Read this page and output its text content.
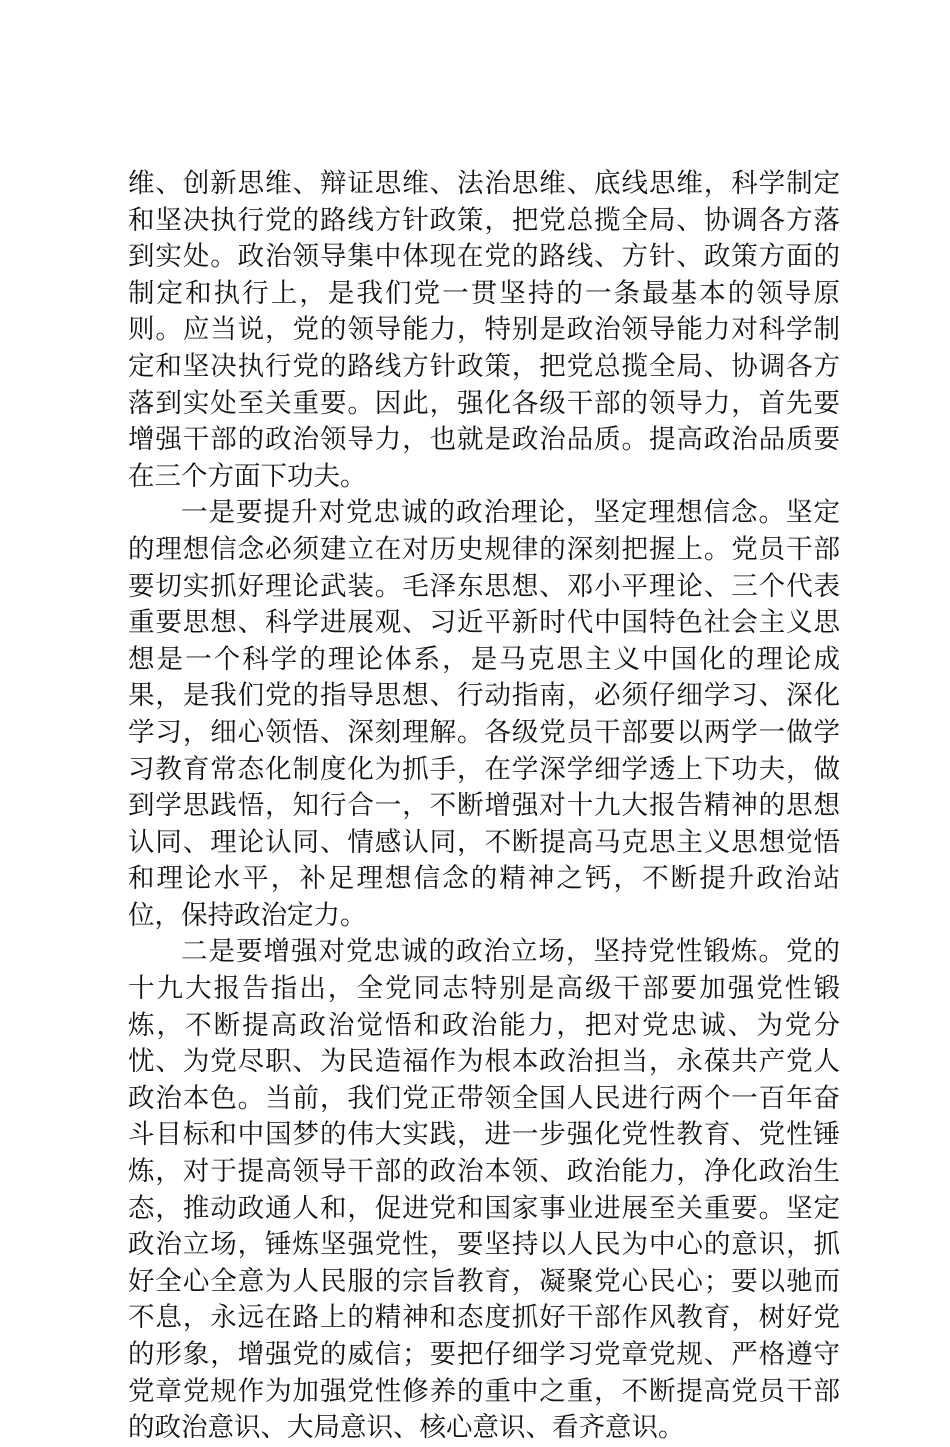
维、创新思维、辩证思维、法治思维、底线思维，科学制定和坚决执行党的路线方针政策，把党总揽全局、协调各方落到实处。政治领导集中体现在党的路线、方针、政策方面的制定和执行上，是我们党一贯坚持的一条最基本的领导原则。应当说，党的领导能力，特别是政治领导能力对科学制定和坚决执行党的路线方针政策，把党总揽全局、协调各方落到实处至关重要。因此，强化各级干部的领导力，首先要增强干部的政治领导力，也就是政治品质。提高政治品质要在三个方面下功夫。

一是要提升对党忠诚的政治理论，坚定理想信念。坚定的理想信念必须建立在对历史规律的深刻把握上。党员干部要切实抓好理论武装。毛泽东思想、邓小平理论、三个代表重要思想、科学进展观、习近平新时代中国特色社会主义思想是一个科学的理论体系，是马克思主义中国化的理论成果，是我们党的指导思想、行动指南，必须仔细学习、深化学习，细心领悟、深刻理解。各级党员干部要以两学一做学习教育常态化制度化为抓手，在学深学细学透上下功夫，做到学思践悟，知行合一，不断增强对十九大报告精神的思想认同、理论认同、情感认同，不断提高马克思主义思想觉悟和理论水平，补足理想信念的精神之钙，不断提升政治站位，保持政治定力。

二是要增强对党忠诚的政治立场，坚持党性锻炼。党的十九大报告指出，全党同志特别是高级干部要加强党性锻炼，不断提高政治觉悟和政治能力，把对党忠诚、为党分忧、为党尽职、为民造福作为根本政治担当，永葆共产党人政治本色。当前，我们党正带领全国人民进行两个一百年奋斗目标和中国梦的伟大实践，进一步强化党性教育、党性锤炼，对于提高领导干部的政治本领、政治能力，净化政治生态，推动政通人和，促进党和国家事业进展至关重要。坚定政治立场，锤炼坚强党性，要坚持以人民为中心的意识，抓好全心全意为人民服的宗旨教育，凝聚党心民心；要以驰而不息，永远在路上的精神和态度抓好干部作风教育，树好党的形象，增强党的威信；要把仔细学习党章党规、严格遵守党章党规作为加强党性修养的重中之重，不断提高党员干部的政治意识、大局意识、核心意识、看齐意识。
